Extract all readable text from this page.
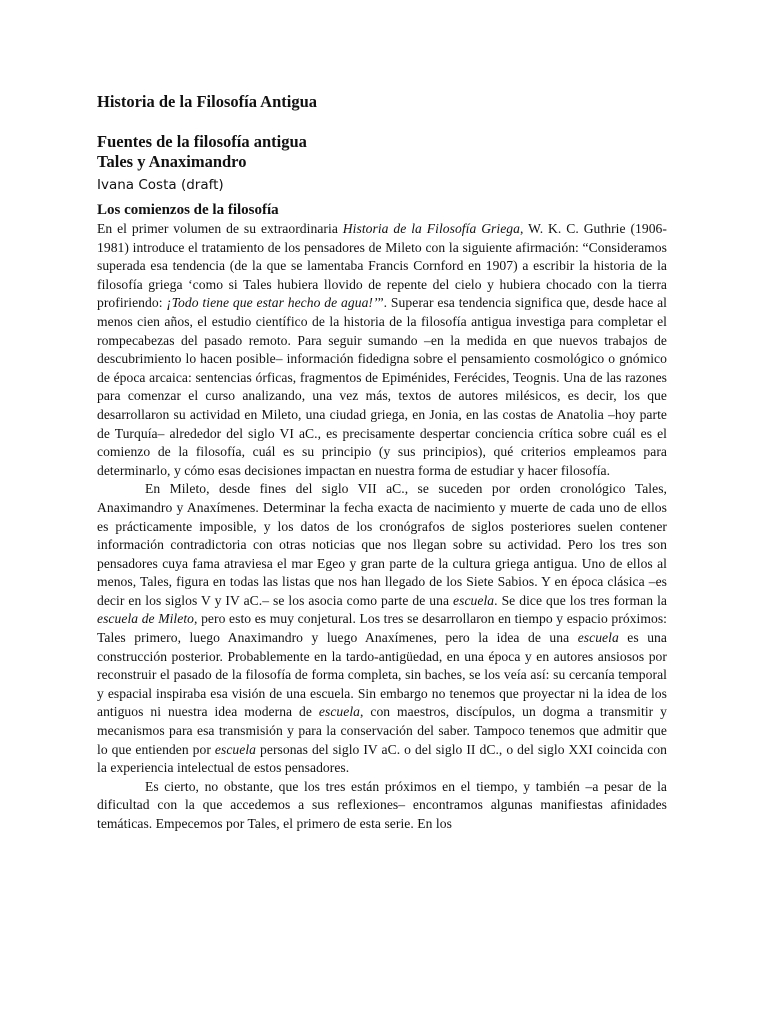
Historia de la Filosofía Antigua
Fuentes de la filosofía antigua
Tales y Anaximandro
Ivana Costa (draft)
Los comienzos de la filosofía

En el primer volumen de su extraordinaria Historia de la Filosofía Griega, W. K. C. Guthrie (1906-1981) introduce el tratamiento de los pensadores de Mileto con la siguiente afirmación: “Consideramos superada esa tendencia (de la que se lamentaba Francis Cornford en 1907) a escribir la historia de la filosofía griega ‘como si Tales hubiera llovido de repente del cielo y hubiera chocado con la tierra profiriendo: ¡Todo tiene que estar hecho de agua!’”. Superar esa tendencia significa que, desde hace al menos cien años, el estudio científico de la historia de la filosofía antigua investiga para completar el rompecabezas del pasado remoto. Para seguir sumando –en la medida en que nuevos trabajos de descubrimiento lo hacen posible– información fidedigna sobre el pensamiento cosmológico o gnómico de época arcaica: sentencias órficas, fragmentos de Epiménides, Ferécides, Teognis. Una de las razones para comenzar el curso analizando, una vez más, textos de autores milésicos, es decir, los que desarrollaron su actividad en Mileto, una ciudad griega, en Jonia, en las costas de Anatolia –hoy parte de Turquía– alrededor del siglo VI aC., es precisamente despertar conciencia crítica sobre cuál es el comienzo de la filosofía, cuál es su principio (y sus principios), qué criterios empleamos para determinarlo, y cómo esas decisiones impactan en nuestra forma de estudiar y hacer filosofía.

En Mileto, desde fines del siglo VII aC., se suceden por orden cronológico Tales, Anaximandro y Anaxímenes. Determinar la fecha exacta de nacimiento y muerte de cada uno de ellos es prácticamente imposible, y los datos de los cronógrafos de siglos posteriores suelen contener información contradictoria con otras noticias que nos llegan sobre su actividad. Pero los tres son pensadores cuya fama atraviesa el mar Egeo y gran parte de la cultura griega antigua. Uno de ellos al menos, Tales, figura en todas las listas que nos han llegado de los Siete Sabios. Y en época clásica –es decir en los siglos V y IV aC.– se los asocia como parte de una escuela. Se dice que los tres forman la escuela de Mileto, pero esto es muy conjetural. Los tres se desarrollaron en tiempo y espacio próximos: Tales primero, luego Anaximandro y luego Anaxímenes, pero la idea de una escuela es una construcción posterior. Probablemente en la tardo-antigüedad, en una época y en autores ansiosos por reconstruir el pasado de la filosofía de forma completa, sin baches, se los veía así: su cercanía temporal y espacial inspiraba esa visión de una escuela. Sin embargo no tenemos que proyectar ni la idea de los antiguos ni nuestra idea moderna de escuela, con maestros, discípulos, un dogma a transmitir y mecanismos para esa transmisión y para la conservación del saber. Tampoco tenemos que admitir que lo que entienden por escuela personas del siglo IV aC. o del siglo II dC., o del siglo XXI coincida con la experiencia intelectual de estos pensadores.

Es cierto, no obstante, que los tres están próximos en el tiempo, y también –a pesar de la dificultad con la que accedemos a sus reflexiones– encontramos algunas manifiestas afinidades temáticas. Empecemos por Tales, el primero de esta serie. En los
